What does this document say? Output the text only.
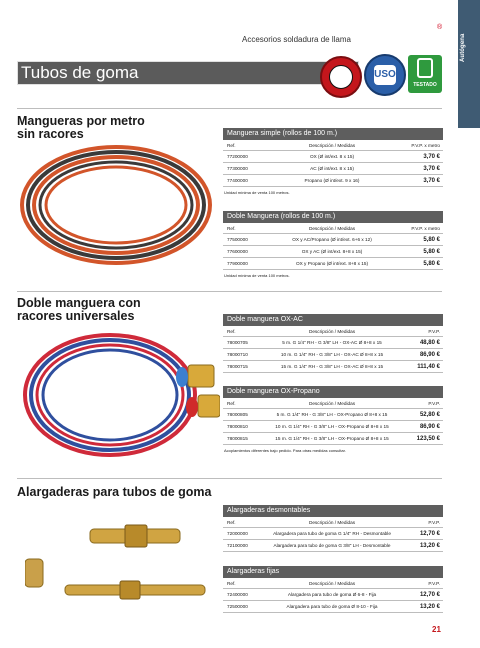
Autógena
®
Accesorios soldadura de llama
Tubos de goma	GARANTIA	USO
TESTADO
Mangueras por metro sin racores
Doble manguera con racores universales
Alargaderas para tubos de goma
Manguera simple (rollos de 100 m.)
Ref.	Descripción / Medidas	P.V.P. x metro
77200000	OX (Ø int/ext. 8 x 15)	3,70 €
77300000	AC (Ø int/ext. 8 x 15)	3,70 €
77400000	Propano (Ø int/ext. 9 x 16)	3,70 €
Unidad mínima de venta 100 metros.
Doble Manguera (rollos de 100 m.)
Ref.	Descripción / Medidas	P.V.P. x metro
77500000	OX y AC/Propano (Ø int/ext. 6+6 x 12)	5,80 €
77600000	OX y AC (Ø int/ext. 8+8 x 15)	5,80 €
77900000	OX y Propano (Ø int/ext. 8+8 x 15)	5,80 €
Unidad mínima de venta 100 metros.
Doble manguera OX-AC
Ref.	Descripción / Medidas	P.V.P.
78000705	5 m. G 1/4" RH - G 3/8" LH - OX-AC Ø 8+8 x 15	48,80 €
78000710	10 m. G 1/4" RH - G 3/8" LH - OX-AC Ø 8+8 x 15	86,90 €
78000715	15 m. G 1/4" RH - G 3/8" LH - OX-AC Ø 8+8 x 15	111,40 €
Doble manguera OX-Propano
Ref.	Descripción / Medidas	P.V.P.
78000805	5 m. G 1/4" RH - G 3/8" LH - OX-Propano Ø 8+8 x 15	52,80 €
78000810	10 m. G 1/4" RH - G 3/8" LH - OX-Propano Ø 8+8 x 15	86,90 €
78000815	15 m. G 1/4" RH - G 3/8" LH - OX-Propano Ø 8+8 x 15	123,50 €
Acoplamientos diferentes bajo pedido. Para otras medidas consultar.
Alargaderas desmontables
Ref.	Descripción / Medidas	P.V.P.
72000000	Alargadera para tubo de goma G 1/4" RH - Desmontable	12,70 €
72100000	Alargadera para tubo de goma G 3/8" LH - Desmontable	13,20 €
Alargaderas fijas
Ref.	Descripción / Medidas	P.V.P.
72400000	Alargadera para tubo de goma Ø 6-8 - Fija	12,70 €
72500000	Alargadera para tubo de goma Ø 8-10 - Fija	13,20 €
21
